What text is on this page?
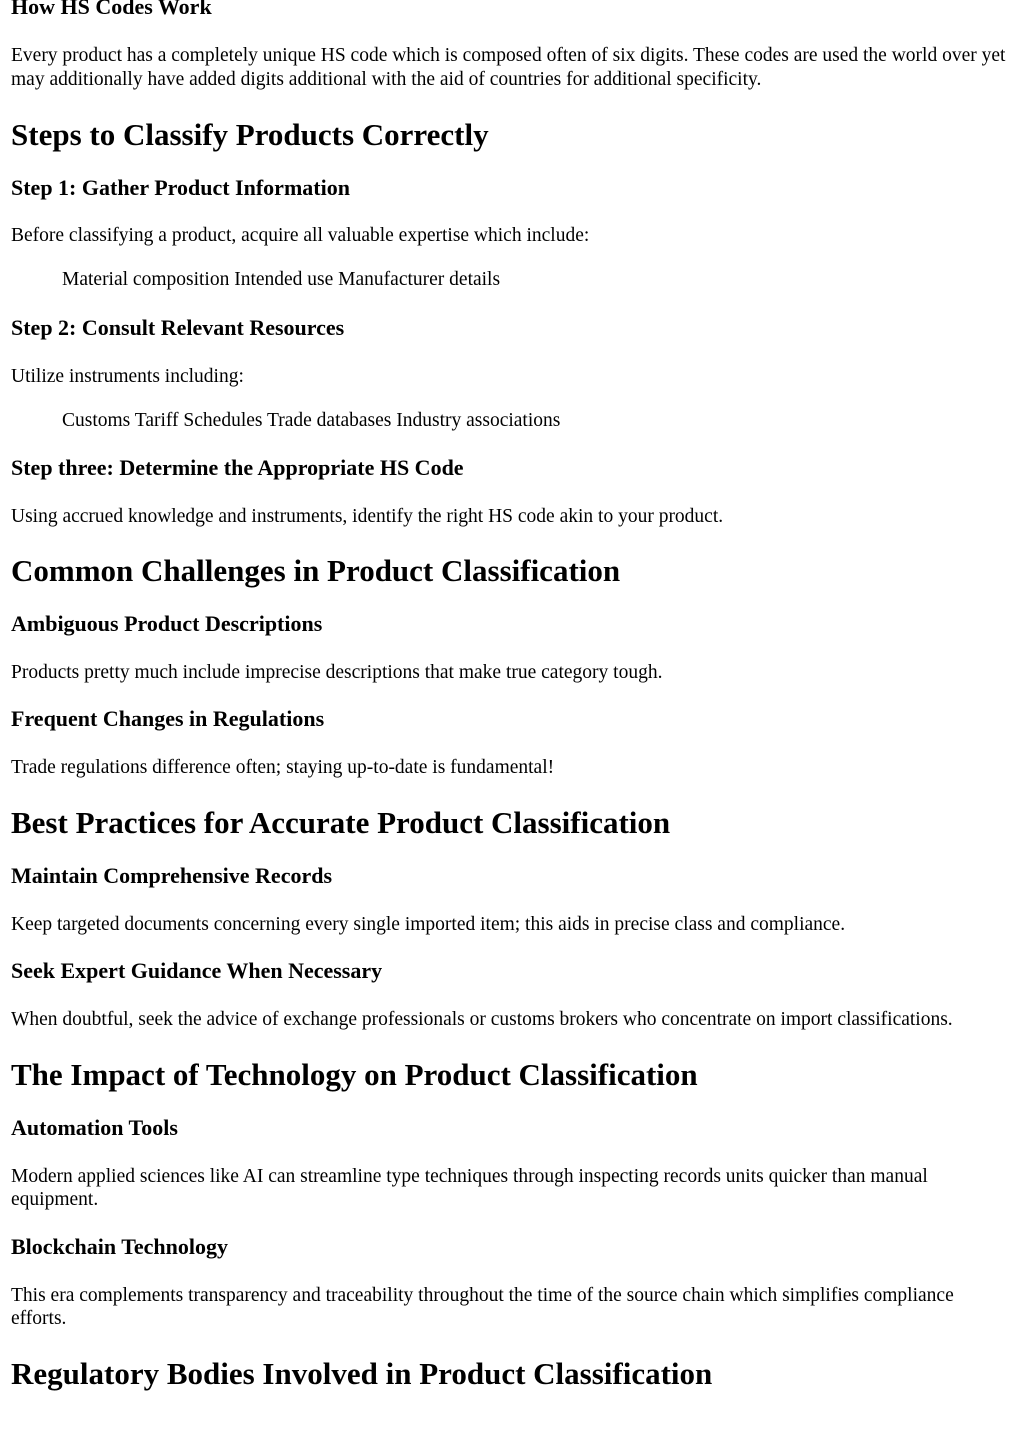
How HS Codes Work

Every product has a completely unique HS code which is composed often of six digits. These codes are used the world over yet may additionally have added digits additional with the aid of countries for additional specificity.

Steps to Classify Products Correctly
Step 1: Gather Product Information

Before classifying a product, acquire all valuable expertise which include:

Material composition Intended use Manufacturer details
Step 2: Consult Relevant Resources

Utilize instruments including:

Customs Tariff Schedules Trade databases Industry associations
Step three: Determine the Appropriate HS Code

Using accrued knowledge and instruments, identify the right HS code akin to your product.

Common Challenges in Product Classification
Ambiguous Product Descriptions

Products pretty much include imprecise descriptions that make true category tough.

Frequent Changes in Regulations

Trade regulations difference often; staying up-to-date is fundamental!

Best Practices for Accurate Product Classification
Maintain Comprehensive Records

Keep targeted documents concerning every single imported item; this aids in precise class and compliance.

Seek Expert Guidance When Necessary

When doubtful, seek the advice of exchange professionals or customs brokers who concentrate on import classifications.

The Impact of Technology on Product Classification
Automation Tools

Modern applied sciences like AI can streamline type techniques through inspecting records units quicker than manual equipment.

Blockchain Technology

This era complements transparency and traceability throughout the time of the source chain which simplifies compliance efforts.

Regulatory Bodies Involved in Product Classification
